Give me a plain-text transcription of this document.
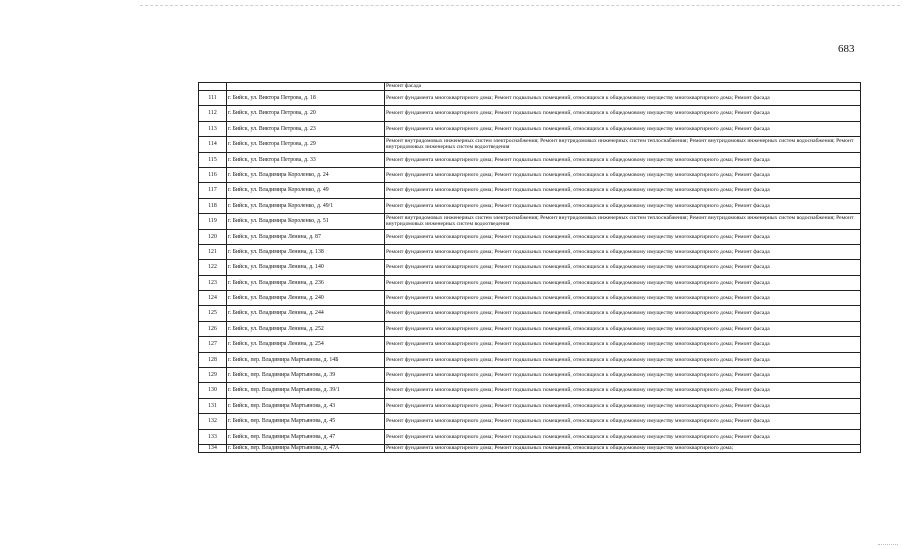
683
		Ремонт фасада
111	г. Бийск, ул. Виктора Петрова, д. 18	Ремонт фундамента многоквартирного дома; Ремонт подвальных помещений, относящихся к общедомовому имуществу многоквартирного дома; Ремонт фасада
112	г. Бийск, ул. Виктора Петрова, д. 20	Ремонт фундамента многоквартирного дома; Ремонт подвальных помещений, относящихся к общедомовому имуществу многоквартирного дома; Ремонт фасада
113	г. Бийск, ул. Виктора Петрова, д. 23	Ремонт фундамента многоквартирного дома; Ремонт подвальных помещений, относящихся к общедомовому имуществу многоквартирного дома; Ремонт фасада
114	г. Бийск, ул. Виктора Петрова, д. 29	Ремонт внутридомовых инженерных систем электроснабжения; Ремонт внутридомовых инженерных систем теплоснабжения; Ремонт внутридомовых инженерных систем водоснабжения; Ремонт внутридомовых инженерных систем водоотведения
115	г. Бийск, ул. Виктора Петрова, д. 33	Ремонт фундамента многоквартирного дома; Ремонт подвальных помещений, относящихся к общедомовому имуществу многоквартирного дома; Ремонт фасада
116	г. Бийск, ул. Владимира Короленко, д. 24	Ремонт фундамента многоквартирного дома; Ремонт подвальных помещений, относящихся к общедомовому имуществу многоквартирного дома; Ремонт фасада
117	г. Бийск, ул. Владимира Короленко, д. 49	Ремонт фундамента многоквартирного дома; Ремонт подвальных помещений, относящихся к общедомовому имуществу многоквартирного дома; Ремонт фасада
118	г. Бийск, ул. Владимира Короленко, д. 49/1	Ремонт фундамента многоквартирного дома; Ремонт подвальных помещений, относящихся к общедомовому имуществу многоквартирного дома; Ремонт фасада
119	г. Бийск, ул. Владимира Короленко, д. 51	Ремонт внутридомовых инженерных систем электроснабжения; Ремонт внутридомовых инженерных систем теплоснабжения; Ремонт внутридомовых инженерных систем водоснабжения; Ремонт внутридомовых инженерных систем водоотведения
120	г. Бийск, ул. Владимира Ленина, д. 87	Ремонт фундамента многоквартирного дома; Ремонт подвальных помещений, относящихся к общедомовому имуществу многоквартирного дома; Ремонт фасада
121	г. Бийск, ул. Владимира Ленина, д. 138	Ремонт фундамента многоквартирного дома; Ремонт подвальных помещений, относящихся к общедомовому имуществу многоквартирного дома; Ремонт фасада
122	г. Бийск, ул. Владимира Ленина, д. 140	Ремонт фундамента многоквартирного дома; Ремонт подвальных помещений, относящихся к общедомовому имуществу многоквартирного дома; Ремонт фасада
123	г. Бийск, ул. Владимира Ленина, д. 236	Ремонт фундамента многоквартирного дома; Ремонт подвальных помещений, относящихся к общедомовому имуществу многоквартирного дома; Ремонт фасада
124	г. Бийск, ул. Владимира Ленина, д. 240	Ремонт фундамента многоквартирного дома; Ремонт подвальных помещений, относящихся к общедомовому имуществу многоквартирного дома; Ремонт фасада
125	г. Бийск, ул. Владимира Ленина, д. 244	Ремонт фундамента многоквартирного дома; Ремонт подвальных помещений, относящихся к общедомовому имуществу многоквартирного дома; Ремонт фасада
126	г. Бийск, ул. Владимира Ленина, д. 252	Ремонт фундамента многоквартирного дома; Ремонт подвальных помещений, относящихся к общедомовому имуществу многоквартирного дома; Ремонт фасада
127	г. Бийск, ул. Владимира Ленина, д. 254	Ремонт фундамента многоквартирного дома; Ремонт подвальных помещений, относящихся к общедомовому имуществу многоквартирного дома; Ремонт фасада
128	г. Бийск, пер. Владимира Мартьянова, д. 14Б	Ремонт фундамента многоквартирного дома; Ремонт подвальных помещений, относящихся к общедомовому имуществу многоквартирного дома; Ремонт фасада
129	г. Бийск, пер. Владимира Мартьянова, д. 39	Ремонт фундамента многоквартирного дома; Ремонт подвальных помещений, относящихся к общедомовому имуществу многоквартирного дома; Ремонт фасада
130	г. Бийск, пер. Владимира Мартьянова, д. 39/1	Ремонт фундамента многоквартирного дома; Ремонт подвальных помещений, относящихся к общедомовому имуществу многоквартирного дома; Ремонт фасада
131	г. Бийск, пер. Владимира Мартьянова, д. 43	Ремонт фундамента многоквартирного дома; Ремонт подвальных помещений, относящихся к общедомовому имуществу многоквартирного дома; Ремонт фасада
132	г. Бийск, пер. Владимира Мартьянова, д. 45	Ремонт фундамента многоквартирного дома; Ремонт подвальных помещений, относящихся к общедомовому имуществу многоквартирного дома; Ремонт фасада
133	г. Бийск, пер. Владимира Мартьянова, д. 47	Ремонт фундамента многоквартирного дома; Ремонт подвальных помещений, относящихся к общедомовому имуществу многоквартирного дома; Ремонт фасада
134	г. Бийск, пер. Владимира Мартьянова, д. 47А	Ремонт фундамента многоквартирного дома; Ремонт подвальных помещений, относящихся к общедомовому имуществу многоквартирного дома;
